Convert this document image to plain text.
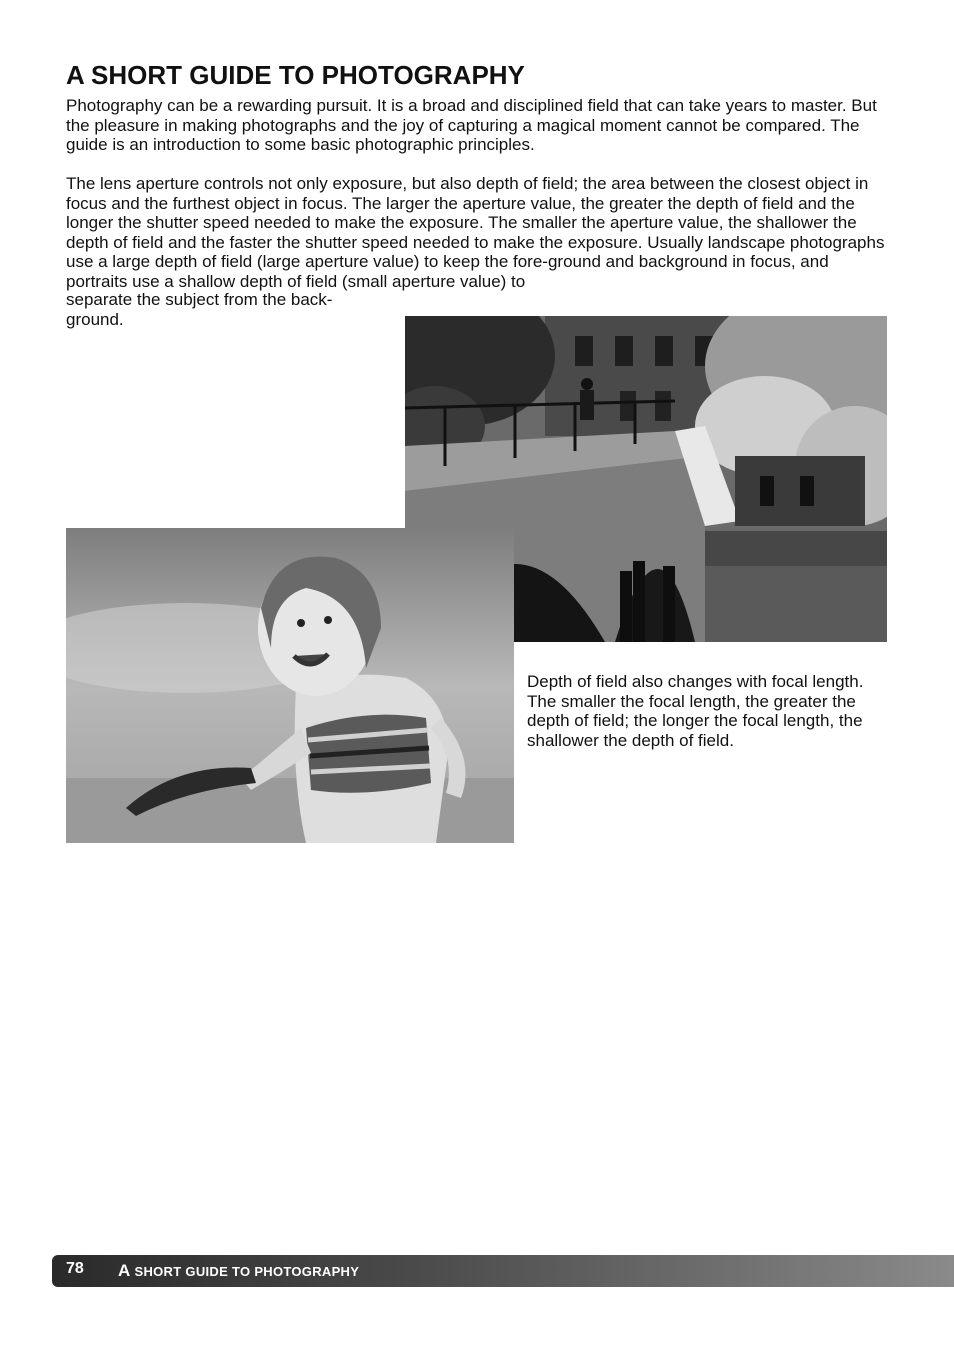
A SHORT GUIDE TO PHOTOGRAPHY

Photography can be a rewarding pursuit. It is a broad and disciplined field that can take years to master. But the pleasure in making photographs and the joy of capturing a magical moment cannot be compared. The guide is an introduction to some basic photographic principles.

The lens aperture controls not only exposure, but also depth of field; the area between the closest object in focus and the furthest object in focus. The larger the aperture value, the greater the depth of field and the longer the shutter speed needed to make the exposure. The smaller the aperture value, the shallower the depth of field and the faster the shutter speed needed to make the exposure. Usually landscape photographs use a large depth of field (large aperture value) to keep the fore-ground and background in focus, and portraits use a shallow depth of field (small aperture value) to

separate the subject from the back-
ground.

Depth of field also changes with focal length. The smaller the focal length, the greater the depth of field; the longer the focal length, the shallower the depth of field.

78 A SHORT GUIDE TO PHOTOGRAPHY
